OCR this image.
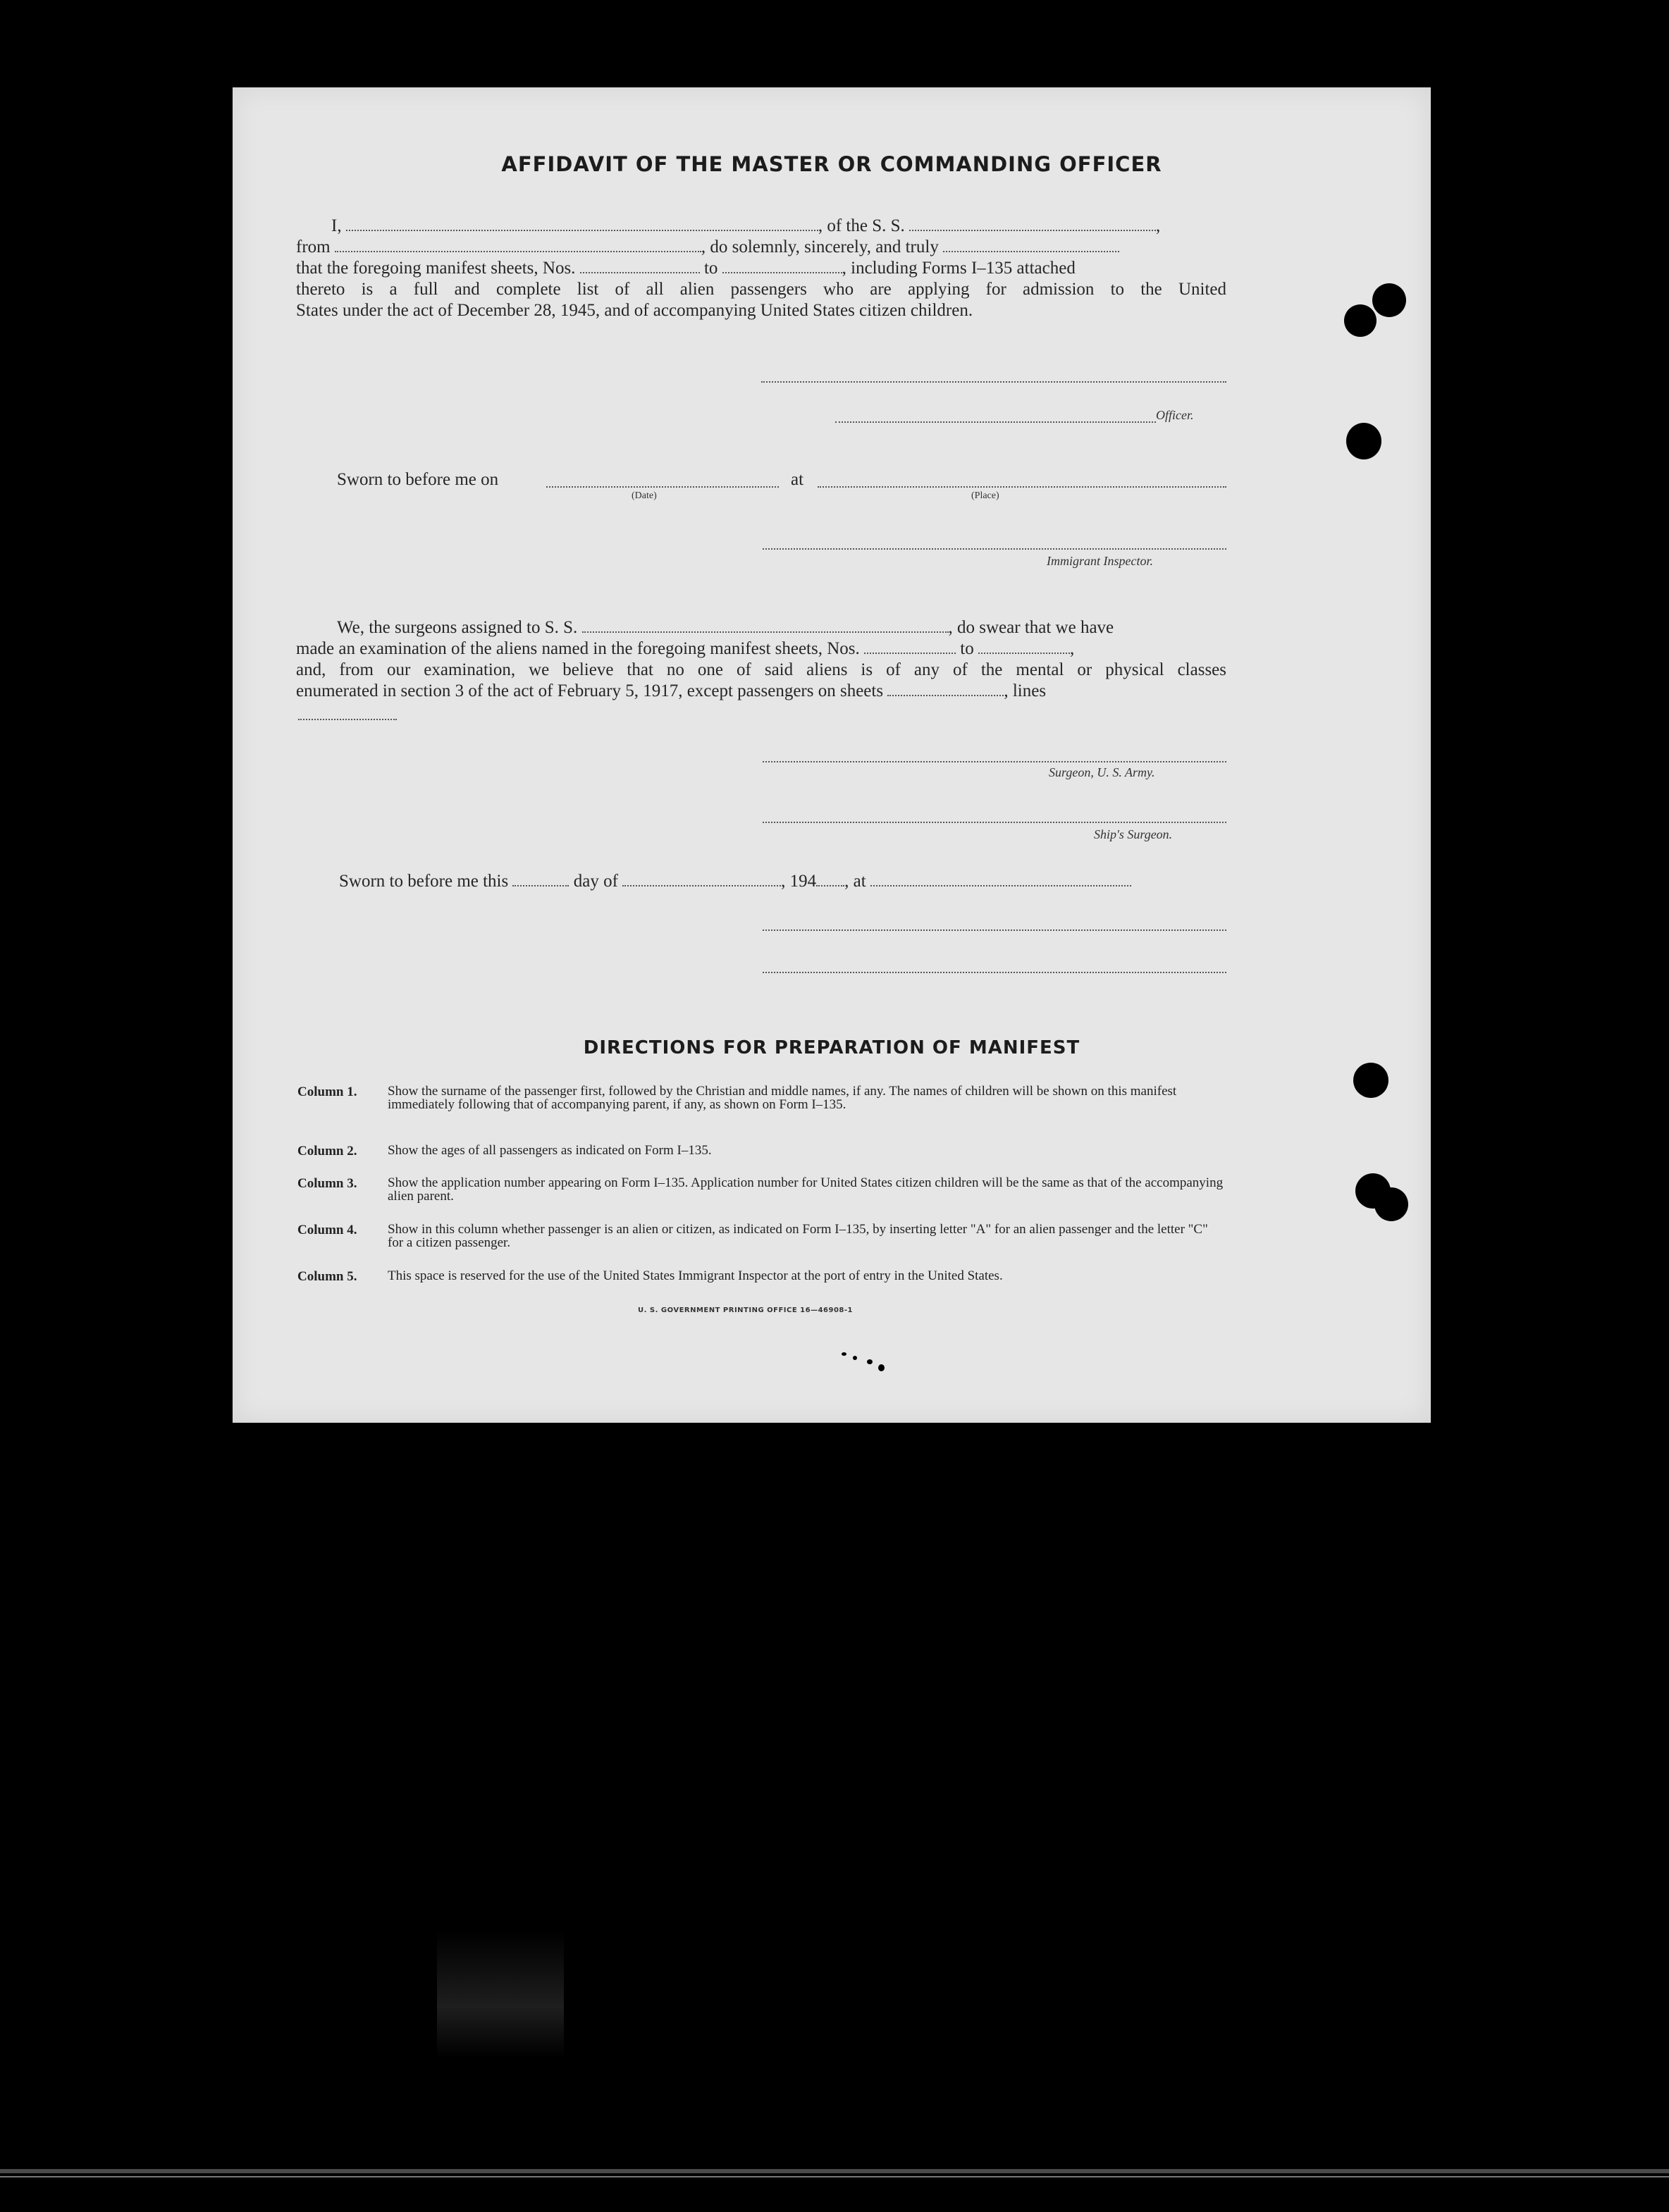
AFFIDAVIT OF THE MASTER OR COMMANDING OFFICER
I,	, of the S. S.	,
from	, do solemnly, sincerely, and truly
that the foregoing manifest sheets, Nos.	to	, including Forms I–135 attached
thereto is a full and complete list of all alien passengers who are applying for admission to the United
States under the act of December 28, 1945, and of accompanying United States citizen children.
Officer.
Sworn to before me on
(Date)
at
(Place)
Immigrant Inspector.
We, the surgeons assigned to S. S.	, do swear that we have
made an examination of the aliens named in the foregoing manifest sheets, Nos.	to	,
and, from our examination, we believe that no one of said aliens is of any of the mental or physical classes
enumerated in section 3 of the act of February 5, 1917, except passengers on sheets	, lines
Surgeon, U. S. Army.
Ship's Surgeon.
Sworn to before me this	day of	, 194 , at
DIRECTIONS FOR PREPARATION OF MANIFEST
Column 1. Show the surname of the passenger first, followed by the Christian and middle names, if any. The names of children will be shown on this manifest immediately following that of accompanying parent, if any, as shown on Form I–135.
Column 2. Show the ages of all passengers as indicated on Form I–135.
Column 3. Show the application number appearing on Form I–135. Application number for United States citizen children will be the same as that of the accompanying alien parent.
Column 4. Show in this column whether passenger is an alien or citizen, as indicated on Form I–135, by inserting letter "A" for an alien passenger and the letter "C" for a citizen passenger.
Column 5. This space is reserved for the use of the United States Immigrant Inspector at the port of entry in the United States.
U. S. GOVERNMENT PRINTING OFFICE 16—46908-1
